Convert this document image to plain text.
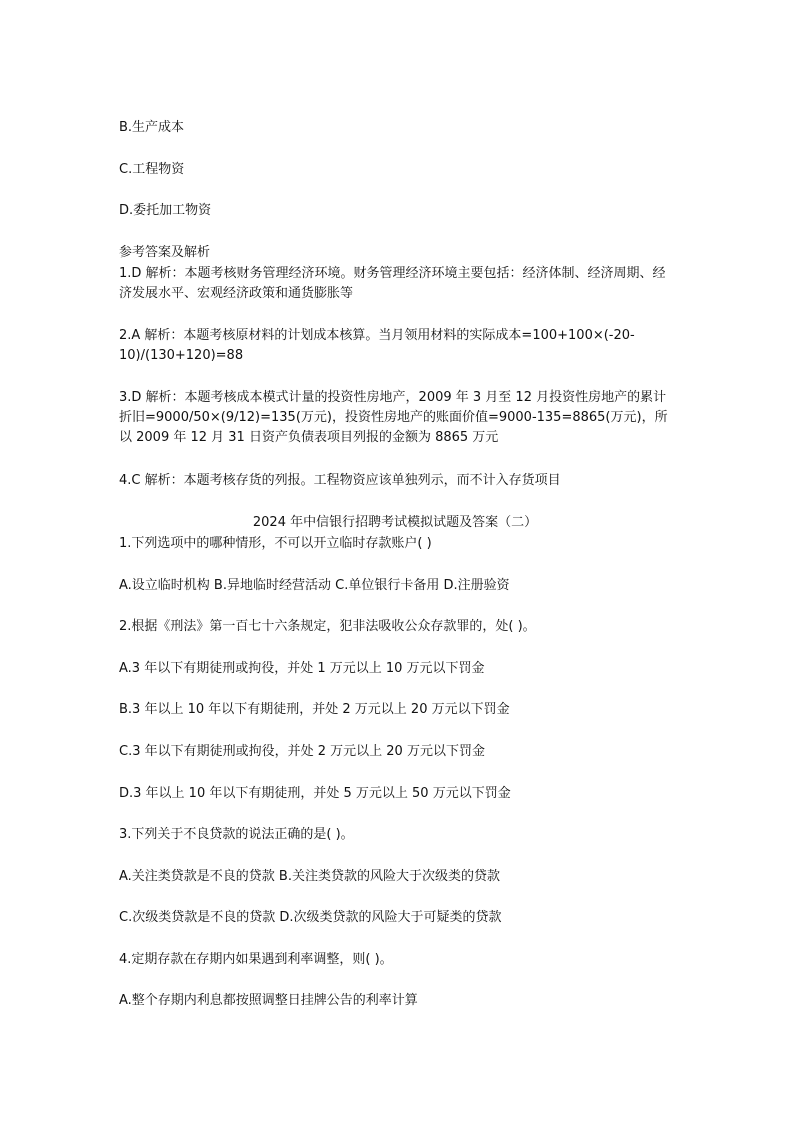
B.生产成本
C.工程物资
D.委托加工物资
参考答案及解析
1.D 解析：本题考核财务管理经济环境。财务管理经济环境主要包括：经济体制、经济周期、经济发展水平、宏观经济政策和通货膨胀等
2.A 解析：本题考核原材料的计划成本核算。当月领用材料的实际成本=100+100×(-20-10)/(130+120)=88
3.D 解析：本题考核成本模式计量的投资性房地产，2009 年 3 月至 12 月投资性房地产的累计折旧=9000/50×(9/12)=135(万元)，投资性房地产的账面价值=9000-135=8865(万元)，所以 2009 年 12 月 31 日资产负债表项目列报的金额为 8865 万元
4.C 解析：本题考核存货的列报。工程物资应该单独列示，而不计入存货项目
2024 年中信银行招聘考试模拟试题及答案（二）
1.下列选项中的哪种情形，不可以开立临时存款账户( )
A.设立临时机构 B.异地临时经营活动 C.单位银行卡备用 D.注册验资
2.根据《刑法》第一百七十六条规定，犯非法吸收公众存款罪的，处( )。
A.3 年以下有期徒刑或拘役，并处 1 万元以上 10 万元以下罚金
B.3 年以上 10 年以下有期徒刑，并处 2 万元以上 20 万元以下罚金
C.3 年以下有期徒刑或拘役，并处 2 万元以上 20 万元以下罚金
D.3 年以上 10 年以下有期徒刑，并处 5 万元以上 50 万元以下罚金
3.下列关于不良贷款的说法正确的是( )。
A.关注类贷款是不良的贷款 B.关注类贷款的风险大于次级类的贷款
C.次级类贷款是不良的贷款 D.次级类贷款的风险大于可疑类的贷款
4.定期存款在存期内如果遇到利率调整，则( )。
A.整个存期内利息都按照调整日挂牌公告的利率计算
